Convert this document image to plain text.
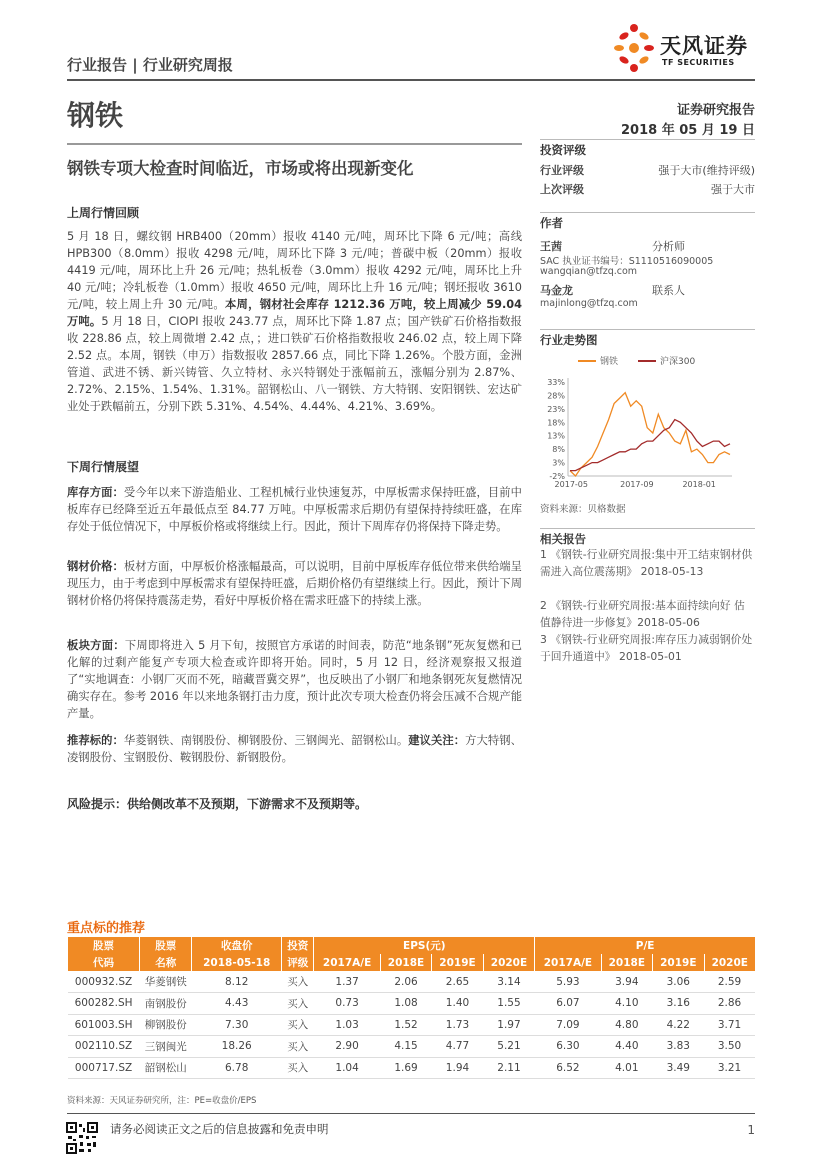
行业报告 | 行业研究周报
天风证券
TF SECURITIES
钢铁	证券研究报告
2018 年 05 月 19 日
钢铁专项大检查时间临近，市场或将出现新变化
上周行情回顾
5 月 18 日，螺纹钢 HRB400（20mm）报收 4140 元/吨，周环比下降 6 元/吨；高线 HPB300（8.0mm）报收 4298 元/吨，周环比下降 3 元/吨；普碳中板（20mm）报收 4419 元/吨，周环比上升 26 元/吨；热轧板卷（3.0mm）报收 4292 元/吨，周环比上升 40 元/吨；冷轧板卷（1.0mm）报收 4650 元/吨，周环比上升 16 元/吨；钢坯报收 3610 元/吨，较上周上升 30 元/吨。本周，钢材社会库存 1212.36 万吨，较上周减少 59.04 万吨。5 月 18 日，CIOPI 报收 243.77 点，周环比下降 1.87 点；国产铁矿石价格指数报收 228.86 点，较上周微增 2.42 点，；进口铁矿石价格指数报收 246.02 点，较上周下降 2.52 点。本周，钢铁（申万）指数报收 2857.66 点，同比下降 1.26%。个股方面，金洲管道、武进不锈、新兴铸管、久立特材、永兴特钢处于涨幅前五，涨幅分别为 2.87%、2.72%、2.15%、1.54%、1.31%。韶钢松山、八一钢铁、方大特钢、安阳钢铁、宏达矿业处于跌幅前五，分别下跌 5.31%、4.54%、4.44%、4.21%、3.69%。
下周行情展望
库存方面：受今年以来下游造船业、工程机械行业快速复苏，中厚板需求保持旺盛，目前中板库存已经降至近五年最低点至 84.77 万吨。中厚板需求后期仍有望保持持续旺盛，在库存处于低位情况下，中厚板价格或将继续上行。因此，预计下周库存仍将保持下降走势。
钢材价格：板材方面，中厚板价格涨幅最高，可以说明，目前中厚板库存低位带来供给端呈现压力，由于考虑到中厚板需求有望保持旺盛，后期价格仍有望继续上行。因此，预计下周钢材价格仍将保持震荡走势，看好中厚板价格在需求旺盛下的持续上涨。
板块方面：下周即将进入 5 月下旬，按照官方承诺的时间表，防范“地条钢”死灰复燃和已化解的过剩产能复产专项大检查或许即将开始。同时，5 月 12 日，经济观察报又报道了“实地调查：小钢厂灭而不死，暗藏晋冀交界”，也反映出了小钢厂和地条钢死灰复燃情况确实存在。参考 2016 年以来地条钢打击力度，预计此次专项大检查仍将会压减不合规产能产量。
推荐标的：华菱钢铁、南钢股份、柳钢股份、三钢闽光、韶钢松山。建议关注：方大特钢、凌钢股份、宝钢股份、鞍钢股份、新钢股份。
风险提示：供给侧改革不及预期，下游需求不及预期等。
投资评级
行业评级	强于大市(维持评级)
上次评级	强于大市
作者
王茜	分析师
SAC 执业证书编号：S1110516090005
wangqian@tfzq.com
马金龙	联系人
majinlong@tfzq.com
行业走势图
33%
28%
23%
18%
13%
8%
3%
-2%
2017-05	2017-09	2018-01
钢铁	沪深300
资料来源：贝格数据
相关报告
1 《钢铁-行业研究周报:集中开工结束钢材供需进入高位震荡期》 2018-05-13
2 《钢铁-行业研究周报:基本面持续向好 估值静待进一步修复》2018-05-06
3 《钢铁-行业研究周报:库存压力减弱钢价处于回升通道中》 2018-05-01
重点标的推荐
股票	股票	收盘价	投资	EPS(元)				P/E			
代码	名称	2018-05-18	评级	2017A/E	2018E	2019E	2020E	2017A/E	2018E	2019E	2020E
000932.SZ	华菱钢铁	8.12	买入	1.37	2.06	2.65	3.14	5.93	3.94	3.06	2.59
600282.SH	南钢股份	4.43	买入	0.73	1.08	1.40	1.55	6.07	4.10	3.16	2.86
601003.SH	柳钢股份	7.30	买入	1.03	1.52	1.73	1.97	7.09	4.80	4.22	3.71
002110.SZ	三钢闽光	18.26	买入	2.90	4.15	4.77	5.21	6.30	4.40	3.83	3.50
000717.SZ	韶钢松山	6.78	买入	1.04	1.69	1.94	2.11	6.52	4.01	3.49	3.21
资料来源：天风证券研究所，注：PE=收盘价/EPS
请务必阅读正文之后的信息披露和免责申明	1
